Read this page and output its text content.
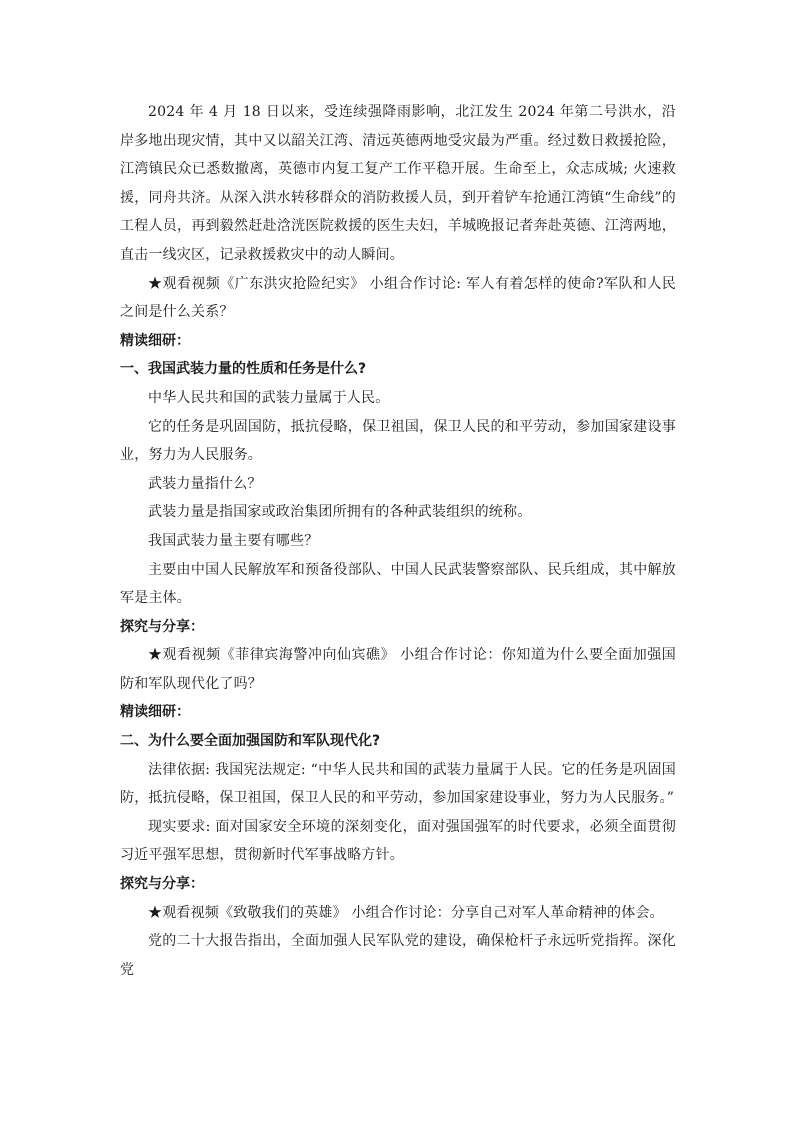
2024 年 4 月 18 日以来，受连续强降雨影响，北江发生 2024 年第二号洪水，沿岸多地出现灾情，其中又以韶关江湾、清远英德两地受灾最为严重。经过数日救援抢险，江湾镇民众已悉数撤离，英德市内复工复产工作平稳开展。生命至上，众志成城; 火速救援，同舟共济。从深入洪水转移群众的消防救援人员，到开着铲车抢通江湾镇“生命线”的工程人员，再到毅然赶赴浛洸医院救援的医生夫妇，羊城晚报记者奔赴英德、江湾两地，直击一线灾区，记录救援救灾中的动人瞬间。

★观看视频《广东洪灾抢险纪实》 小组合作讨论: 军人有着怎样的使命?军队和人民之间是什么关系？

精读细研：

一、我国武装力量的性质和任务是什么?

中华人民共和国的武装力量属于人民。

它的任务是巩固国防，抵抗侵略，保卫祖国，保卫人民的和平劳动，参加国家建设事业，努力为人民服务。

武装力量指什么？

武装力量是指国家或政治集团所拥有的各种武装组织的统称。

我国武装力量主要有哪些？

主要由中国人民解放军和预备役部队、中国人民武装警察部队、民兵组成，其中解放军是主体。

探究与分享：

★观看视频《菲律宾海警冲向仙宾礁》 小组合作讨论：你知道为什么要全面加强国防和军队现代化了吗？

精读细研：

二、为什么要全面加强国防和军队现代化?

法律依据: 我国宪法规定: “中华人民共和国的武装力量属于人民。它的任务是巩固国防，抵抗侵略，保卫祖国，保卫人民的和平劳动，参加国家建设事业，努力为人民服务。”

现实要求: 面对国家安全环境的深刻变化，面对强国强军的时代要求，必须全面贯彻习近平强军思想，贯彻新时代军事战略方针。

探究与分享：

★观看视频《致敬我们的英雄》 小组合作讨论：分享自己对军人革命精神的体会。

党的二十大报告指出，全面加强人民军队党的建设，确保枪杆子永远听党指挥。深化党
